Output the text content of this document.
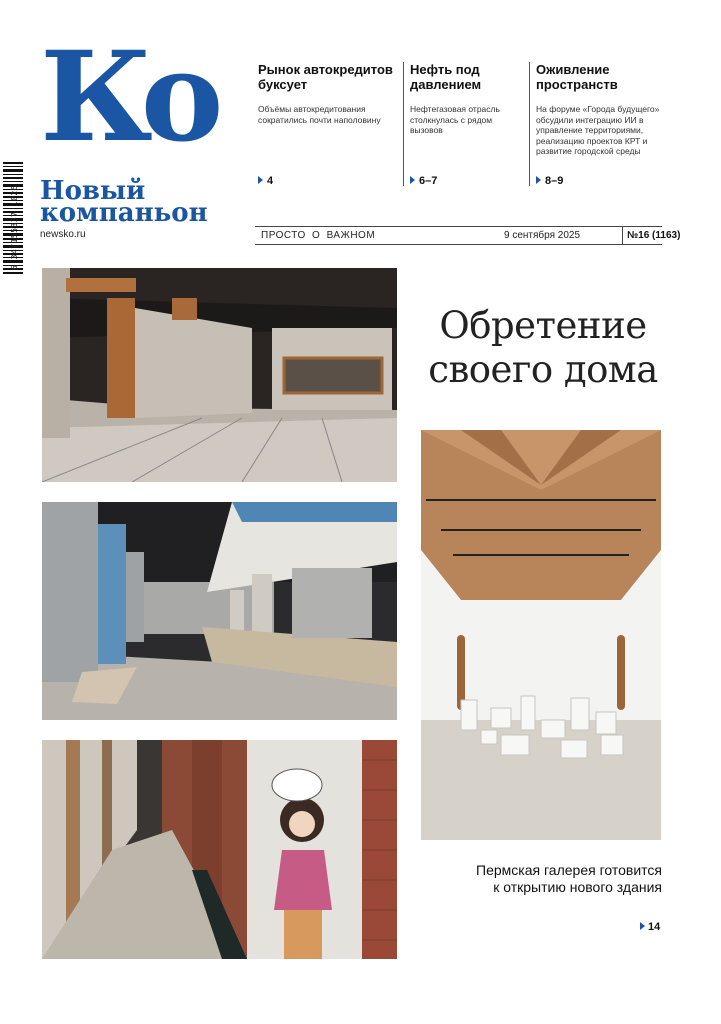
6 347155337 1026
Ко
Новый
компаньон
newsko.ru
Рынок автокредитов буксует

Объёмы автокредитования сократились почти наполовину

4
Нефть под давлением

Нефтегазовая отрасль столкнулась с рядом вызовов

6–7
Оживление пространств

На форуме «Города будущего» обсудили интеграцию ИИ в управление территориями, реализацию проектов КРТ и развитие городской среды

8–9
ПРОСТО О ВАЖНОМ	9 сентября 2025	№16 (1163)
Обретение
своего дома
Пермская галерея готовится
к открытию нового здания
14
